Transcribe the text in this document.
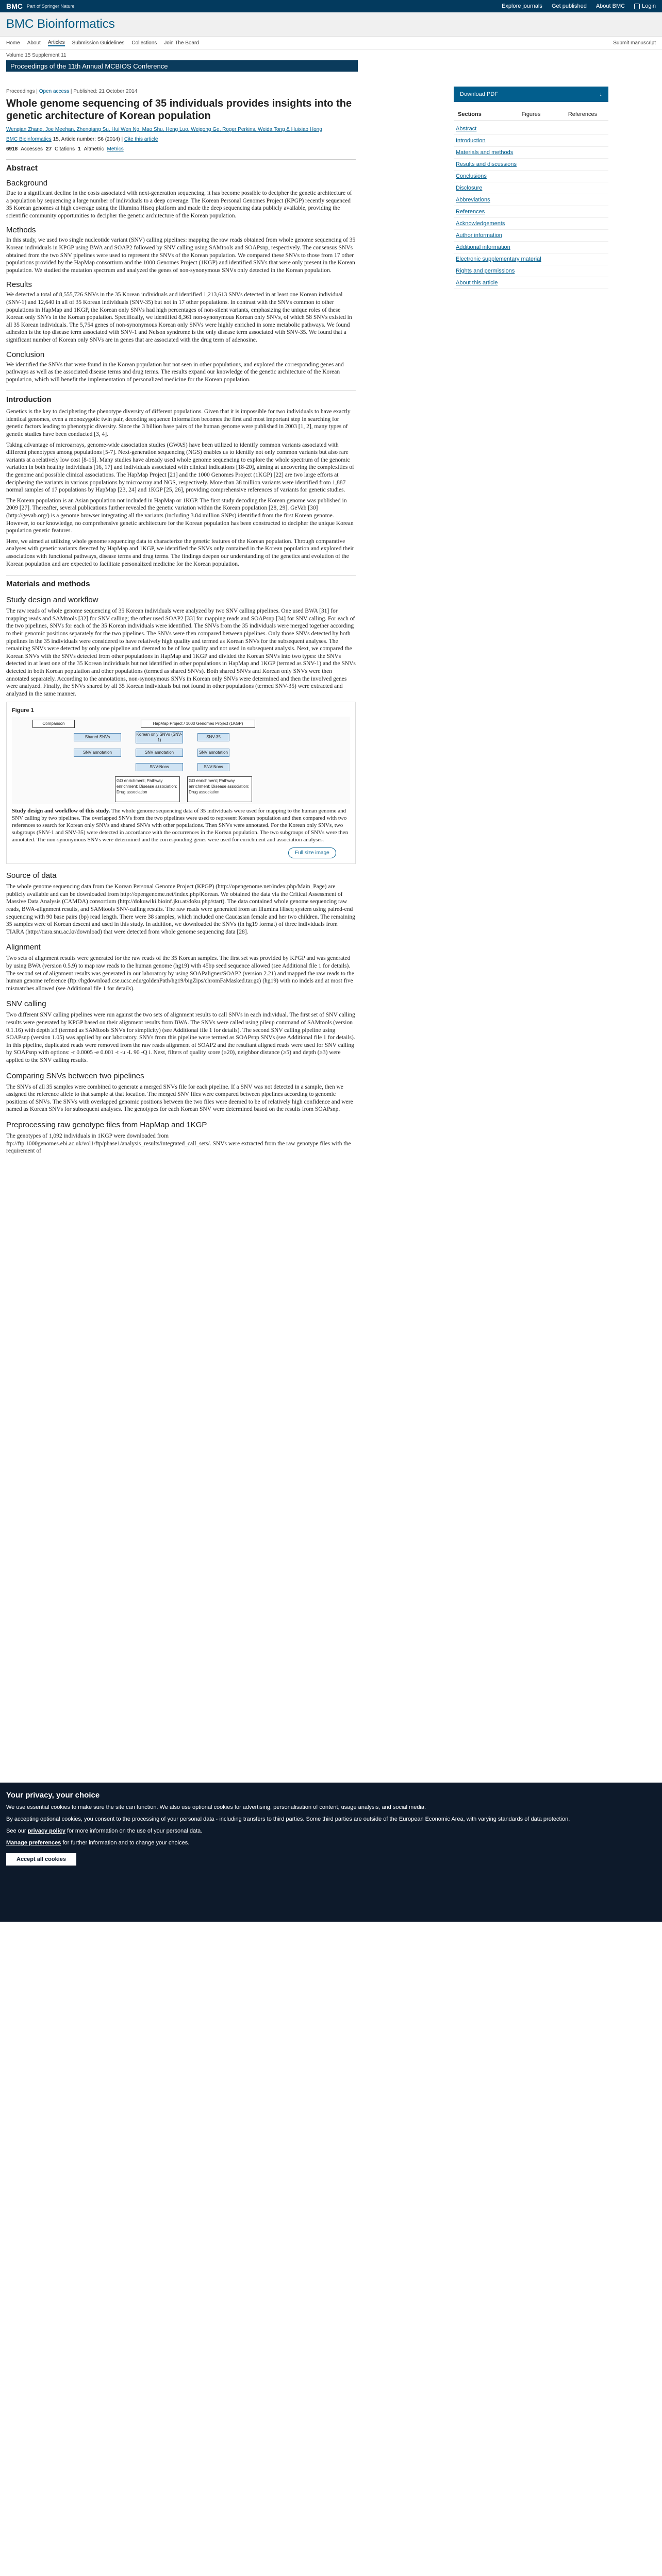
BMC Part of Springer Nature	Explore journals Get published About BMC	Login
BMC Bioinformatics
Home About Articles Submission Guidelines Collections Join The Board	Submit manuscript
Volume 15 Supplement 11
Proceedings of the 11th Annual MCBIOS Conference
Proceedings | Open access | Published: 21 October 2014
Whole genome sequencing of 35 individuals provides insights into the genetic architecture of Korean population
Wenqian Zhang, Joe Meehan, Zhenqiang Su, Hui Wen Ng, Mao Shu, Heng Luo, Weigong Ge, Roger Perkins, Weida Tong & Huixiao Hong
BMC Bioinformatics 15, Article number: S6 (2014) | Cite this article
6918 Accesses 27 Citations 1 Altmetric Metrics
Abstract
Background

Due to a significant decline in the costs associated with next-generation sequencing, it has become possible to decipher the genetic architecture of a population by sequencing a large number of individuals to a deep coverage. The Korean Personal Genomes Project (KPGP) recently sequenced 35 Korean genomes at high coverage using the Illumina Hiseq platform and made the deep sequencing data publicly available, providing the scientific community opportunities to decipher the genetic architecture of the Korean population.

Methods

In this study, we used two single nucleotide variant (SNV) calling pipelines: mapping the raw reads obtained from whole genome sequencing of 35 Korean individuals in KPGP using BWA and SOAP2 followed by SNV calling using SAMtools and SOAPsnp, respectively. The consensus SNVs obtained from the two SNV pipelines were used to represent the SNVs of the Korean population. We compared these SNVs to those from 17 other populations provided by the HapMap consortium and the 1000 Genomes Project (1KGP) and identified SNVs that were only present in the Korean population. We studied the mutation spectrum and analyzed the genes of non-synonymous SNVs only detected in the Korean population.

Results

We detected a total of 8,555,726 SNVs in the 35 Korean individuals and identified 1,213,613 SNVs detected in at least one Korean individual (SNV-1) and 12,640 in all of 35 Korean individuals (SNV-35) but not in 17 other populations. In contrast with the SNVs common to other populations in HapMap and 1KGP, the Korean only SNVs had high percentages of non-silent variants, emphasizing the unique roles of these Korean only SNVs in the Korean population. Specifically, we identified 8,361 non-synonymous Korean only SNVs, of which 58 SNVs existed in all 35 Korean individuals. The 5,754 genes of non-synonymous Korean only SNVs were highly enriched in some metabolic pathways. We found adhesion is the top disease term associated with SNV-1 and Nelson syndrome is the only disease term associated with SNV-35. We found that a significant number of Korean only SNVs are in genes that are associated with the drug term of adenosine.

Conclusion

We identified the SNVs that were found in the Korean population but not seen in other populations, and explored the corresponding genes and pathways as well as the associated disease terms and drug terms. The results expand our knowledge of the genetic architecture of the Korean population, which will benefit the implementation of personalized medicine for the Korean population.

Introduction

Genetics is the key to deciphering the phenotype diversity of different populations. Given that it is impossible for two individuals to have exactly identical genomes, even a monozygotic twin pair, decoding sequence information becomes the first and most important step in searching for genetic factors leading to phenotypic diversity. Since the 3 billion base pairs of the human genome were published in 2003 [1, 2], many types of genetic studies have been conducted [3, 4].

Taking advantage of microarrays, genome-wide association studies (GWAS) have been utilized to identify common variants associated with different phenotypes among populations [5-7]. Next-generation sequencing (NGS) enables us to identify not only common variants but also rare variants at a relatively low cost [8-15]. Many studies have already used whole genome sequencing to explore the whole spectrum of the genomic variation in both healthy individuals [16, 17] and individuals associated with clinical indications [18-20], aiming at uncovering the complexities of the genome and possible clinical associations. The HapMap Project [21] and the 1000 Genomes Project (1KGP) [22] are two large efforts at deciphering the variants in various populations by microarray and NGS, respectively. More than 38 million variants were identified from 1,887 normal samples of 17 populations by HapMap [23, 24] and 1KGP [25, 26], providing comprehensive references of variants for genetic studies.

The Korean population is an Asian population not included in HapMap or 1KGP. The first study decoding the Korean genome was published in 2009 [27]. Thereafter, several publications further revealed the genetic variation within the Korean population [28, 29]. GeVab [30] (http://gevab.org/) is a genome browser integrating all the variants (including 3.84 million SNPs) identified from the first Korean genome. However, to our knowledge, no comprehensive genetic architecture for the Korean population has been constructed to decipher the unique Korean population genetic features.

Here, we aimed at utilizing whole genome sequencing data to characterize the genetic features of the Korean population. Through comparative analyses with genetic variants detected by HapMap and 1KGP, we identified the SNVs only contained in the Korean population and explored their associations with functional pathways, disease terms and drug terms. The findings deepen our understanding of the genetics and evolution of the Korean population and are expected to facilitate personalized medicine for the Korean population.

Materials and methods
Study design and workflow

The raw reads of whole genome sequencing of 35 Korean individuals were analyzed by two SNV calling pipelines. One used BWA [31] for mapping reads and SAMtools [32] for SNV calling; the other used SOAP2 [33] for mapping reads and SOAPsnp [34] for SNV calling. For each of the two pipelines, SNVs for each of the 35 Korean individuals were identified. The SNVs from the 35 individuals were merged together according to their genomic positions separately for the two pipelines. The SNVs were then compared between pipelines. Only those SNVs detected by both pipelines in the 35 individuals were considered to have relatively high quality and termed as Korean SNVs for the subsequent analyses. The remaining SNVs were detected by only one pipeline and deemed to be of low quality and not used in subsequent analysis. Next, we compared the Korean SNVs with the SNVs detected from other populations in HapMap and 1KGP and divided the Korean SNVs into two types: the SNVs detected in at least one of the 35 Korean individuals but not identified in other populations in HapMap and 1KGP (termed as SNV-1) and the SNVs detected in both Korean population and other populations (termed as shared SNVs). Both shared SNVs and Korean only SNVs were then annotated separately. According to the annotations, non-synonymous SNVs in Korean only SNVs were determined and then the involved genes were analyzed. Finally, the SNVs shared by all 35 Korean individuals but not found in other populations (termed SNV-35) were extracted and analyzed in the same manner.

Figure 1
Comparison	HapMap Project / 1000 Genomes Project (1KGP)
Shared SNVs
Korean only SNVs (SNV-1)
SNV-35
SNV annotation	SNV annotation	SNV annotation
SNV-Nons	SNV-Nons
GO enrichment; Pathway enrichment; Disease association; Drug association
GO enrichment; Pathway enrichment; Disease association; Drug association
Study design and workflow of this study. The whole genome sequencing data of 35 individuals were used for mapping to the human genome and SNV calling by two pipelines. The overlapped SNVs from the two pipelines were used to represent Korean population and then compared with two references to search for Korean only SNVs and shared SNVs with other populations. Then SNVs were annotated. For the Korean only SNVs, two subgroups (SNV-1 and SNV-35) were detected in accordance with the occurrences in the Korean population. The two subgroups of SNVs were then annotated. The non-synonymous SNVs were determined and the corresponding genes were used for enrichment and association analyses.
Full size image
Source of data

The whole genome sequencing data from the Korean Personal Genome Project (KPGP) (http://opengenome.net/index.php/Main_Page) are publicly available and can be downloaded from http://opengenome.net/index.php/Korean. We obtained the data via the Critical Assessment of Massive Data Analysis (CAMDA) consortium (http://dokuwiki.bioinf.jku.at/doku.php/start). The data contained whole genome sequencing raw reads, BWA-alignment results, and SAMtools SNV-calling results. The raw reads were generated from an Illumina Hiseq system using paired-end sequencing with 90 base pairs (bp) read length. There were 38 samples, which included one Caucasian female and her two children. The remaining 35 samples were of Korean descent and used in this study. In addition, we downloaded the SNVs (in hg19 format) of three individuals from TIARA (http://tiara.snu.ac.kr/download) that were detected from whole genome sequencing data [28].

Alignment

Two sets of alignment results were generated for the raw reads of the 35 Korean samples. The first set was provided by KPGP and was generated by using BWA (version 0.5.9) to map raw reads to the human genome (hg19) with 45bp seed sequence allowed (see Additional file 1 for details). The second set of alignment results was generated in our laboratory by using SOAPaligner/SOAP2 (version 2.21) and mapped the raw reads to the human genome reference (ftp://hgdownload.cse.ucsc.edu/goldenPath/hg19/bigZips/chromFaMasked.tar.gz) (hg19) with no indels and at most five mismatches allowed (see Additional file 1 for details).

SNV calling

Two different SNV calling pipelines were run against the two sets of alignment results to call SNVs in each individual. The first set of SNV calling results were generated by KPGP based on their alignment results from BWA. The SNVs were called using pileup command of SAMtools (version 0.1.16) with depth ≥3 (termed as SAMtools SNVs for simplicity) (see Additional file 1 for details). The second SNV calling pipeline using SOAPsnp (version 1.05) was applied by our laboratory. SNVs from this pipeline were termed as SOAPsnp SNVs (see Additional file 1 for details). In this pipeline, duplicated reads were removed from the raw reads alignment of SOAP2 and the resultant aligned reads were used for SNV calling by SOAPsnp with options: -r 0.0005 -e 0.001 -t -u -L 90 -Q i. Next, filters of quality score (≥20), neighbor distance (≥5) and depth (≥3) were applied to the SNV calling results.

Comparing SNVs between two pipelines

The SNVs of all 35 samples were combined to generate a merged SNVs file for each pipeline. If a SNV was not detected in a sample, then we assigned the reference allele to that sample at that location. The merged SNV files were compared between pipelines according to genomic positions of SNVs. The SNVs with overlapped genomic positions between the two files were deemed to be of relatively high confidence and were named as Korean SNVs for subsequent analyses. The genotypes for each Korean SNV were determined based on the results from SOAPsnp.

Preprocessing raw genotype files from HapMap and 1KGP

The genotypes of 1,092 individuals in 1KGP were downloaded from ftp://ftp.1000genomes.ebi.ac.uk/vol1/ftp/phase1/analysis_results/integrated_call_sets/. SNVs were extracted from the raw genotype files with the requirement of

Download PDF	↓
Sections	Figures	References
Abstract
Introduction
Materials and methods
Results and discussions
Conclusions
Disclosure
Abbreviations
References
Acknowledgements
Author information
Additional information
Electronic supplementary material
Rights and permissions
About this article
Your privacy, your choice

We use essential cookies to make sure the site can function. We also use optional cookies for advertising, personalisation of content, usage analysis, and social media.

By accepting optional cookies, you consent to the processing of your personal data - including transfers to third parties. Some third parties are outside of the European Economic Area, with varying standards of data protection.

See our privacy policy for more information on the use of your personal data.

Manage preferences for further information and to change your choices.

Accept all cookies
